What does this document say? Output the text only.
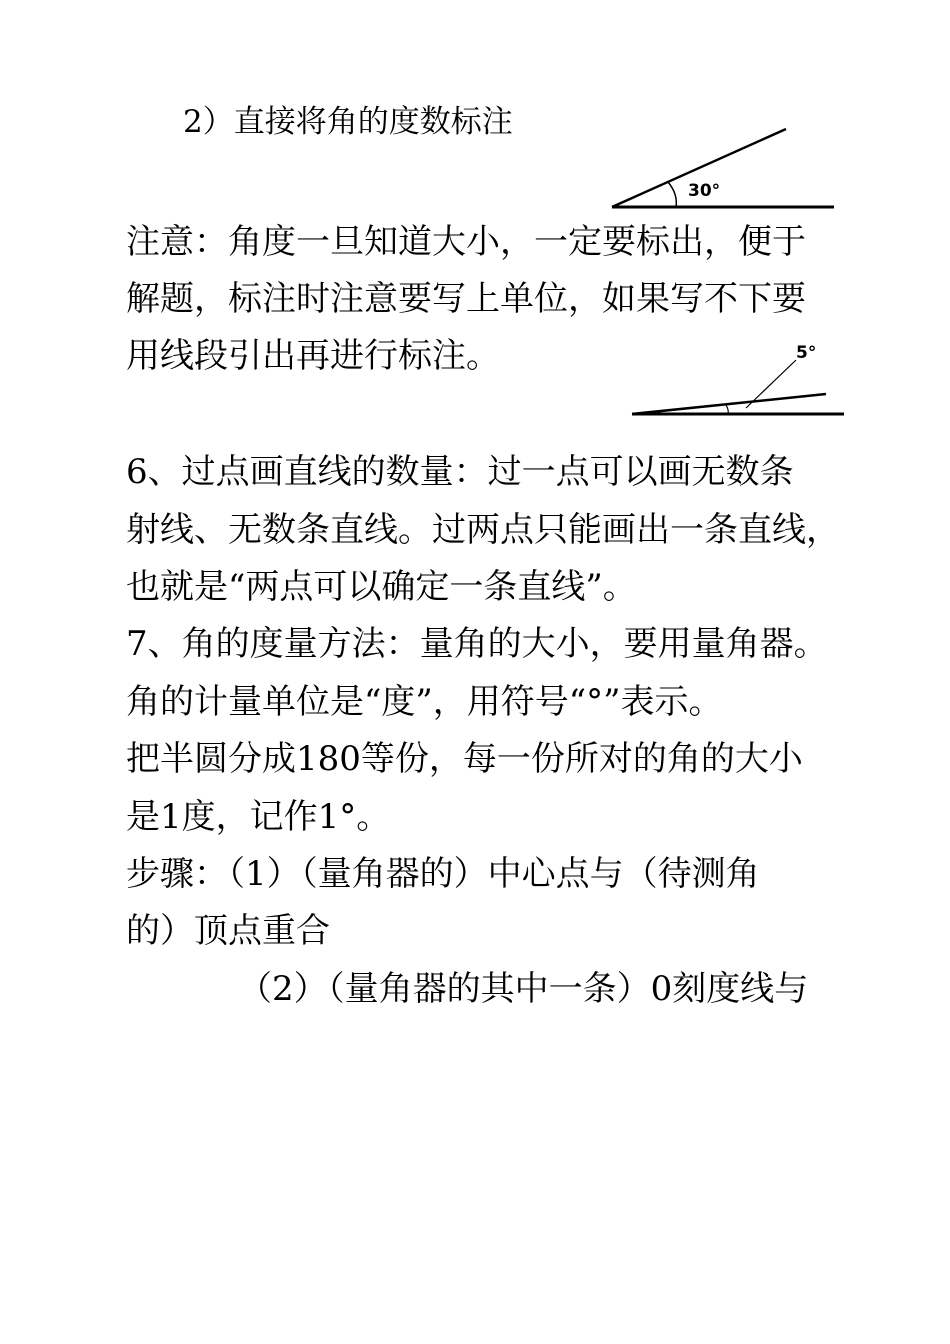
2）直接将角的度数标注
30°
注意：角度一旦知道大小，一定要标出，便于
解题，标注时注意要写上单位，如果写不下要
用线段引出再进行标注。	5°
6、过点画直线的数量：过一点可以画无数条
射线、无数条直线。过两点只能画出一条直线，
也就是“两点可以确定一条直线”。
7、角的度量方法：量角的大小，要用量角器。
角的计量单位是“度”，用符号“°”表示。
把半圆分成180等份，每一份所对的角的大小
是1度，记作1°。
步骤：（1）（量角器的）中心点与（待测角
的）顶点重合
（2）（量角器的其中一条）0刻度线与
